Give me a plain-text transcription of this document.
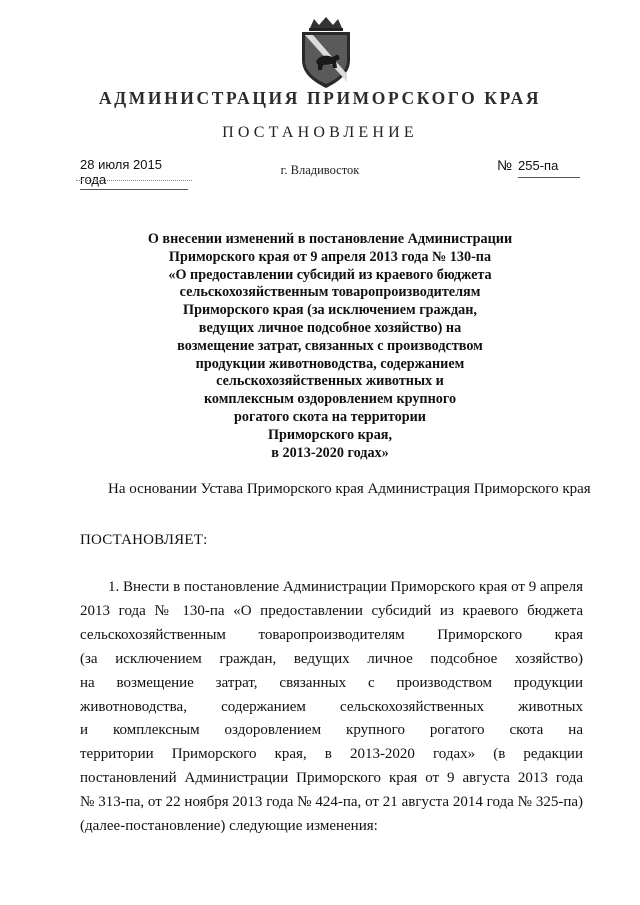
АДМИНИСТРАЦИЯ ПРИМОРСКОГО КРАЯ
ПОСТАНОВЛЕНИЕ
28 июля 2015 года
г. Владивосток	№ 255-па
О внесении изменений в постановление Администрации
Приморского края от 9 апреля 2013 года № 130-па
«О предоставлении субсидий из краевого бюджета
сельскохозяйственным товаропроизводителям
Приморского края (за исключением граждан,
ведущих личное подсобное хозяйство) на
возмещение затрат, связанных с производством
продукции животноводства, содержанием
сельскохозяйственных животных и
комплексным оздоровлением крупного
рогатого скота на территории
Приморского края,
в 2013-2020 годах»
На основании Устава Приморского края Администрация Приморского края
ПОСТАНОВЛЯЕТ:
1. Внести в постановление Администрации Приморского края от 9 апреля
2013 года № 130-па «О предоставлении субсидий из краевого бюджета
сельскохозяйственным товаропроизводителям Приморского края
(за исключением граждан, ведущих личное подсобное хозяйство)
на возмещение затрат, связанных с производством продукции
животноводства, содержанием сельскохозяйственных животных
и комплексным оздоровлением крупного рогатого скота на
территории Приморского края, в 2013-2020 годах» (в редакции
постановлений Администрации Приморского края от 9 августа 2013 года
№ 313-па, от 22 ноября 2013 года № 424-па, от 21 августа 2014 года № 325-па)
(далее-постановление) следующие изменения:
